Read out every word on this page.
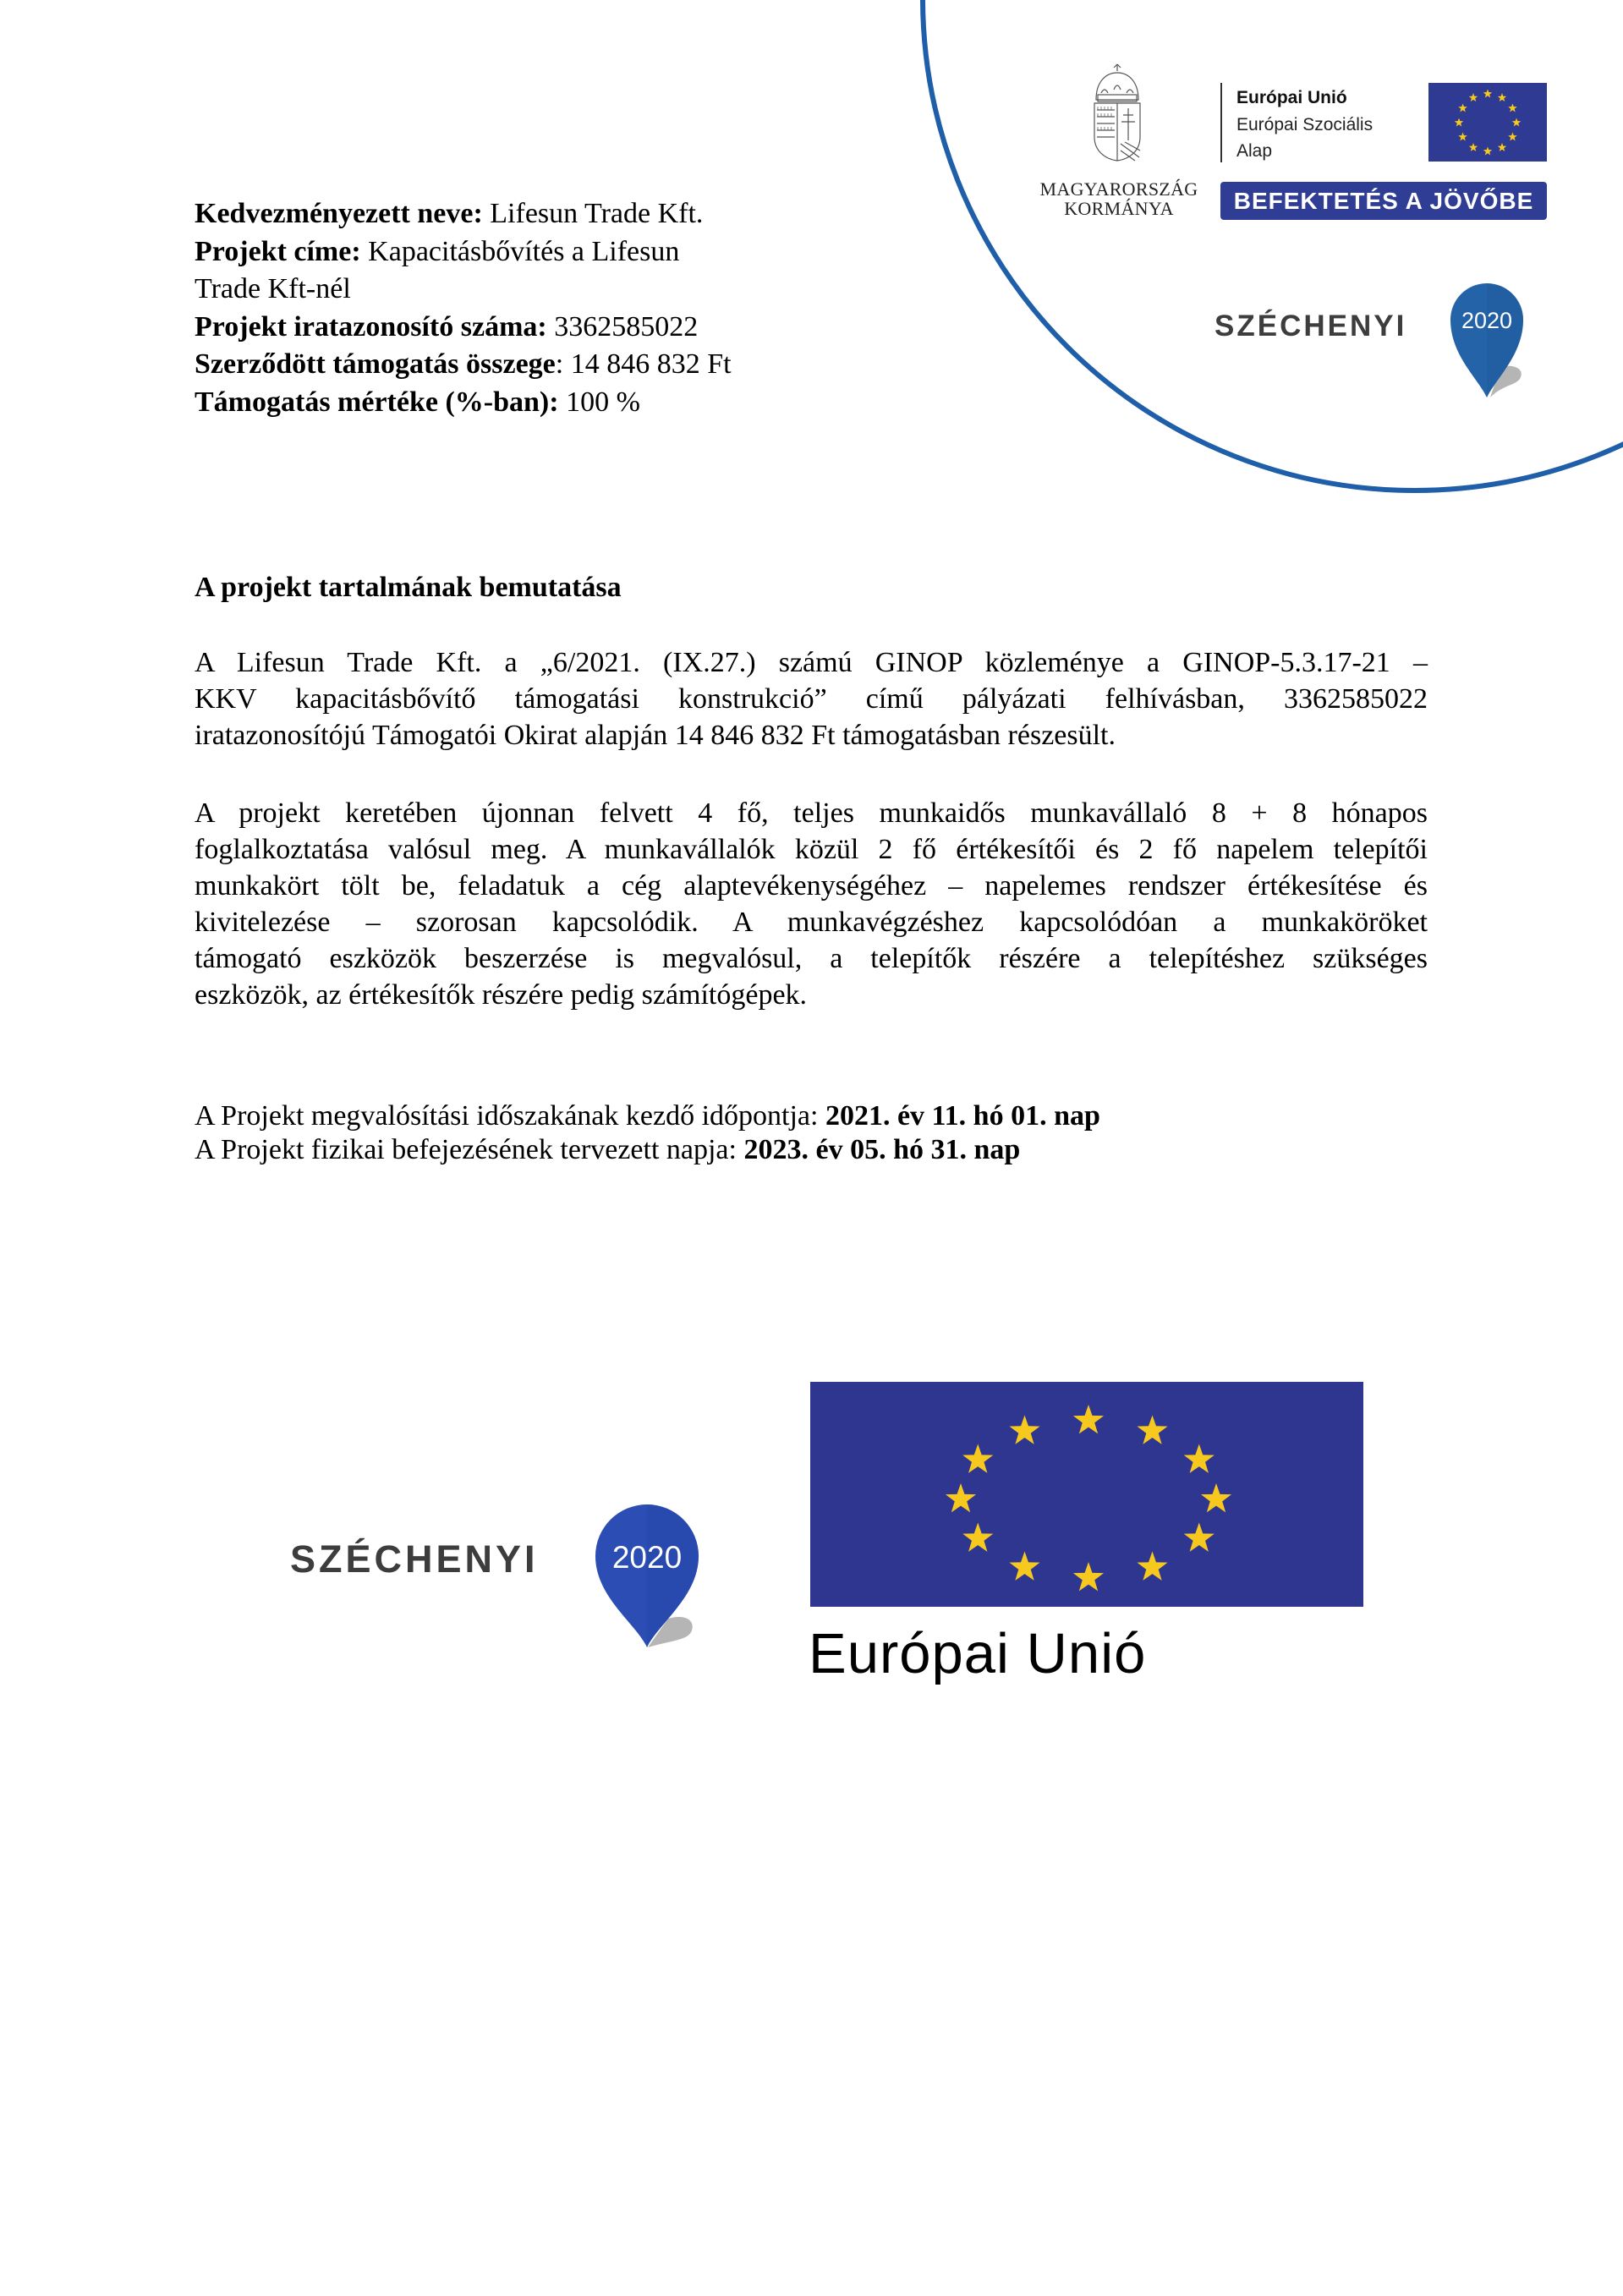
Kedvezményezett neve: Lifesun Trade Kft.
Projekt címe: Kapacitásbővítés a Lifesun
Trade Kft-nél
Projekt iratazonosító száma: 3362585022
Szerződött támogatás összege: 14 846 832 Ft
Támogatás mértéke (%-ban): 100 %
A projekt tartalmának bemutatása
A Lifesun Trade Kft. a „6/2021. (IX.27.) számú GINOP közleménye a GINOP-5.3.17-21 –
KKV kapacitásbővítő támogatási konstrukció” című pályázati felhívásban, 3362585022
iratazonosítójú Támogatói Okirat alapján 14 846 832 Ft támogatásban részesült.
A projekt keretében újonnan felvett 4 fő, teljes munkaidős munkavállaló 8 + 8 hónapos
foglalkoztatása valósul meg. A munkavállalók közül 2 fő értékesítői és 2 fő napelem telepítői
munkakört tölt be, feladatuk a cég alaptevékenységéhez – napelemes rendszer értékesítése és
kivitelezése – szorosan kapcsolódik. A munkavégzéshez kapcsolódóan a munkaköröket
támogató eszközök beszerzése is megvalósul, a telepítők részére a telepítéshez szükséges
eszközök, az értékesítők részére pedig számítógépek.
A Projekt megvalósítási időszakának kezdő időpontja: 2021. év 11. hó 01. nap
A Projekt fizikai befejezésének tervezett napja: 2023. év 05. hó 31. nap
MAGYARORSZÁG
KORMÁNYA
Európai Unió
Európai Szociális
Alap
BEFEKTETÉS A JÖVŐBE
SZÉCHENYI 2020
SZÉCHENYI 2020
Európai Unió
